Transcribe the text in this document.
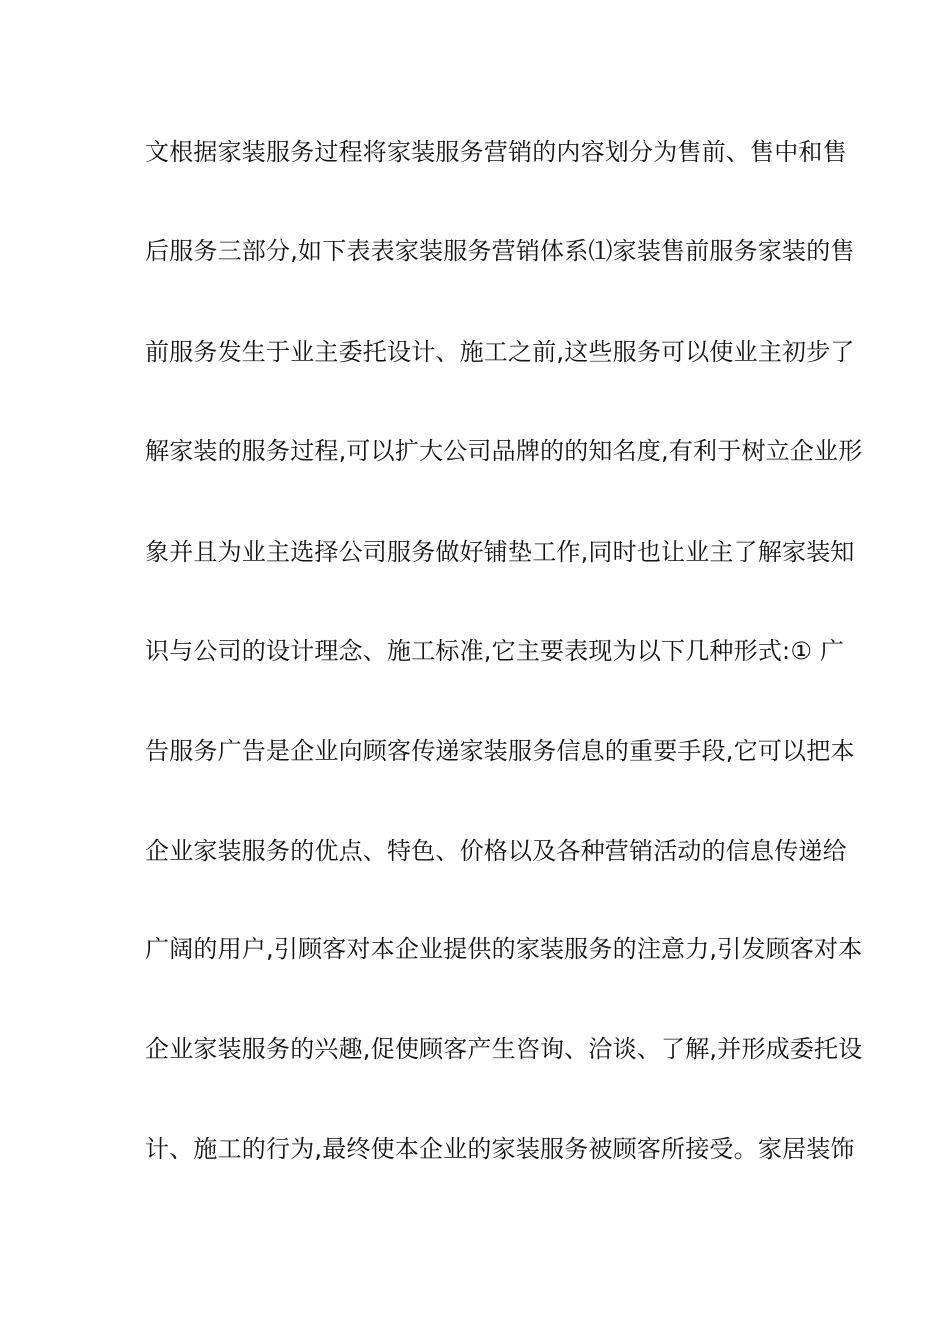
文根据家装服务过程将家装服务营销的内容划分为售前、售中和售
后服务三部分,如下表表家装服务营销体系⑴家装售前服务家装的售
前服务发生于业主委托设计、施工之前,这些服务可以使业主初步了
解家装的服务过程,可以扩大公司品牌的的知名度,有利于树立企业形
象并且为业主选择公司服务做好铺垫工作,同时也让业主了解家装知
识与公司的设计理念、施工标准,它主要表现为以下几种形式:① 广
告服务广告是企业向顾客传递家装服务信息的重要手段,它可以把本
企业家装服务的优点、特色、价格以及各种营销活动的信息传递给
广阔的用户,引顾客对本企业提供的家装服务的注意力,引发顾客对本
企业家装服务的兴趣,促使顾客产生咨询、洽谈、了解,并形成委托设
计、施工的行为,最终使本企业的家装服务被顾客所接受。家居装饰
